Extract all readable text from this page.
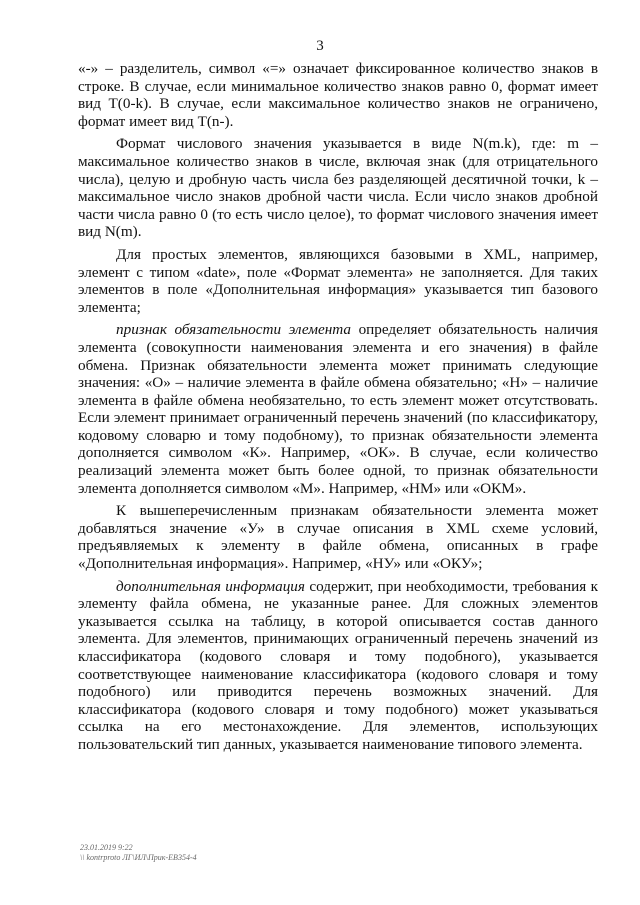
3

«-» – разделитель, символ «=» означает фиксированное количество знаков в строке. В случае, если минимальное количество знаков равно 0, формат имеет вид T(0-k). В случае, если максимальное количество знаков не ограничено, формат имеет вид T(n-).

Формат числового значения указывается в виде N(m.k), где: m – максимальное количество знаков в числе, включая знак (для отрицательного числа), целую и дробную часть числа без разделяющей десятичной точки, k – максимальное число знаков дробной части числа. Если число знаков дробной части числа равно 0 (то есть число целое), то формат числового значения имеет вид N(m).

Для простых элементов, являющихся базовыми в XML, например, элемент с типом «date», поле «Формат элемента» не заполняется. Для таких элементов в поле «Дополнительная информация» указывается тип базового элемента;

признак обязательности элемента определяет обязательность наличия элемента (совокупности наименования элемента и его значения) в файле обмена. Признак обязательности элемента может принимать следующие значения: «О» – наличие элемента в файле обмена обязательно; «Н» – наличие элемента в файле обмена необязательно, то есть элемент может отсутствовать. Если элемент принимает ограниченный перечень значений (по классификатору, кодовому словарю и тому подобному), то признак обязательности элемента дополняется символом «К». Например, «ОК». В случае, если количество реализаций элемента может быть более одной, то признак обязательности элемента дополняется символом «М». Например, «НМ» или «ОКМ».

К вышеперечисленным признакам обязательности элемента может добавляться значение «У» в случае описания в XML схеме условий, предъявляемых к элементу в файле обмена, описанных в графе «Дополнительная информация». Например, «НУ» или «ОКУ»;

дополнительная информация содержит, при необходимости, требования к элементу файла обмена, не указанные ранее. Для сложных элементов указывается ссылка на таблицу, в которой описывается состав данного элемента. Для элементов, принимающих ограниченный перечень значений из классификатора (кодового словаря и тому подобного), указывается соответствующее наименование классификатора (кодового словаря и тому подобного) или приводится перечень возможных значений. Для классификатора (кодового словаря и тому подобного) может указываться ссылка на его местонахождение. Для элементов, использующих пользовательский тип данных, указывается наименование типового элемента.

23.01.2019 9:22
\\ kontrproto ЛГ\ИЛ\Прик-ЕВ354-4
